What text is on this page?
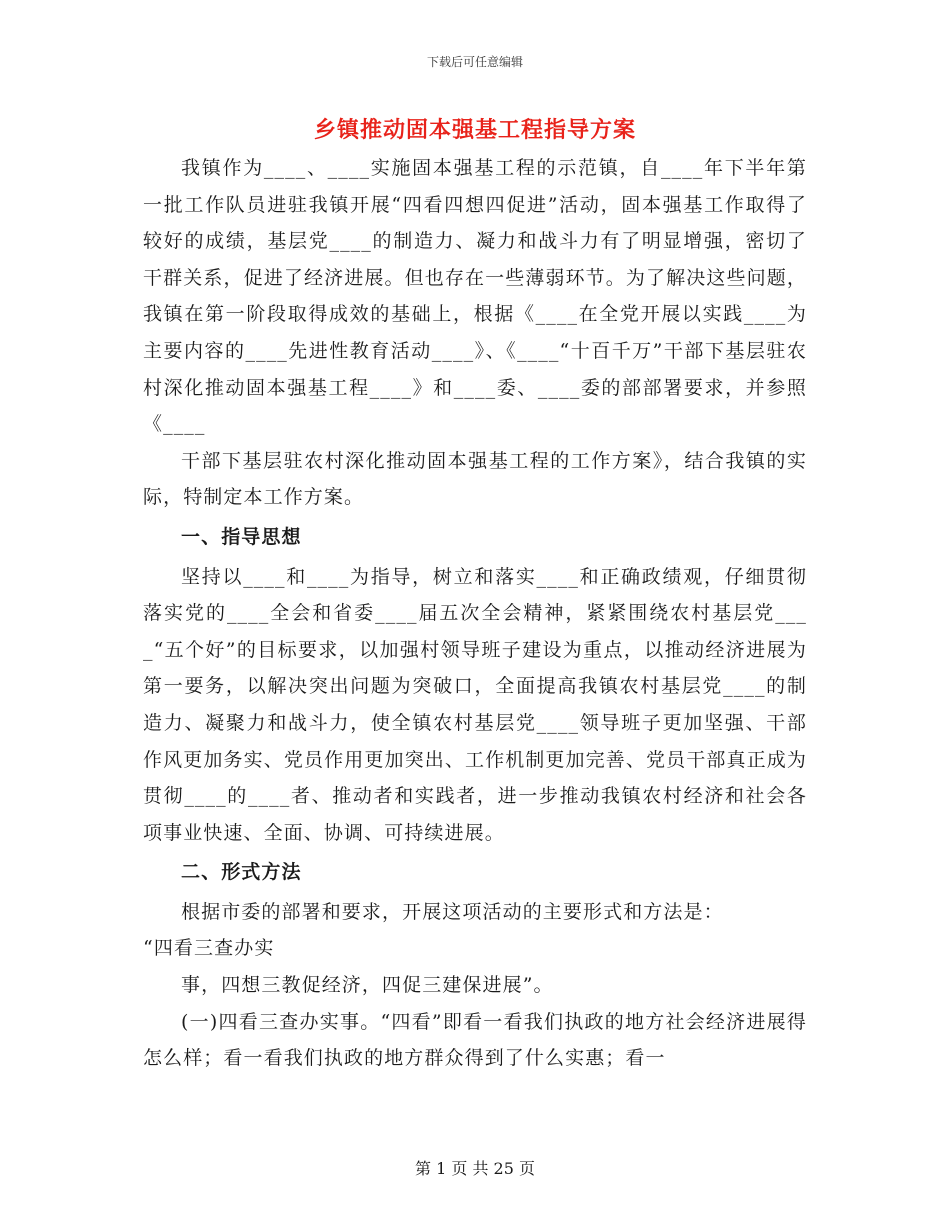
下载后可任意编辑
乡镇推动固本强基工程指导方案

我镇作为____、____实施固本强基工程的示范镇，自____年下半年第一批工作队员进驻我镇开展“四看四想四促进”活动，固本强基工作取得了较好的成绩，基层党____的制造力、凝力和战斗力有了明显增强，密切了干群关系，促进了经济进展。但也存在一些薄弱环节。为了解决这些问题，我镇在第一阶段取得成效的基础上，根据《____在全党开展以实践____为主要内容的____先进性教育活动____》、《____“十百千万”干部下基层驻农村深化推动固本强基工程____》和____委、____委的部部署要求，并参照《____

干部下基层驻农村深化推动固本强基工程的工作方案》，结合我镇的实际，特制定本工作方案。

一、指导思想

坚持以____和____为指导，树立和落实____和正确政绩观，仔细贯彻落实党的____全会和省委____届五次全会精神，紧紧围绕农村基层党____“五个好”的目标要求，以加强村领导班子建设为重点，以推动经济进展为第一要务，以解决突出问题为突破口，全面提高我镇农村基层党____的制造力、凝聚力和战斗力，使全镇农村基层党____领导班子更加坚强、干部作风更加务实、党员作用更加突出、工作机制更加完善、党员干部真正成为贯彻____的____者、推动者和实践者，进一步推动我镇农村经济和社会各项事业快速、全面、协调、可持续进展。

二、形式方法

根据市委的部署和要求，开展这项活动的主要形式和方法是：

“四看三查办实

事，四想三教促经济，四促三建保进展”。

(一)四看三查办实事。“四看”即看一看我们执政的地方社会经济进展得怎么样；看一看我们执政的地方群众得到了什么实惠；看一

第 1 页 共 25 页
